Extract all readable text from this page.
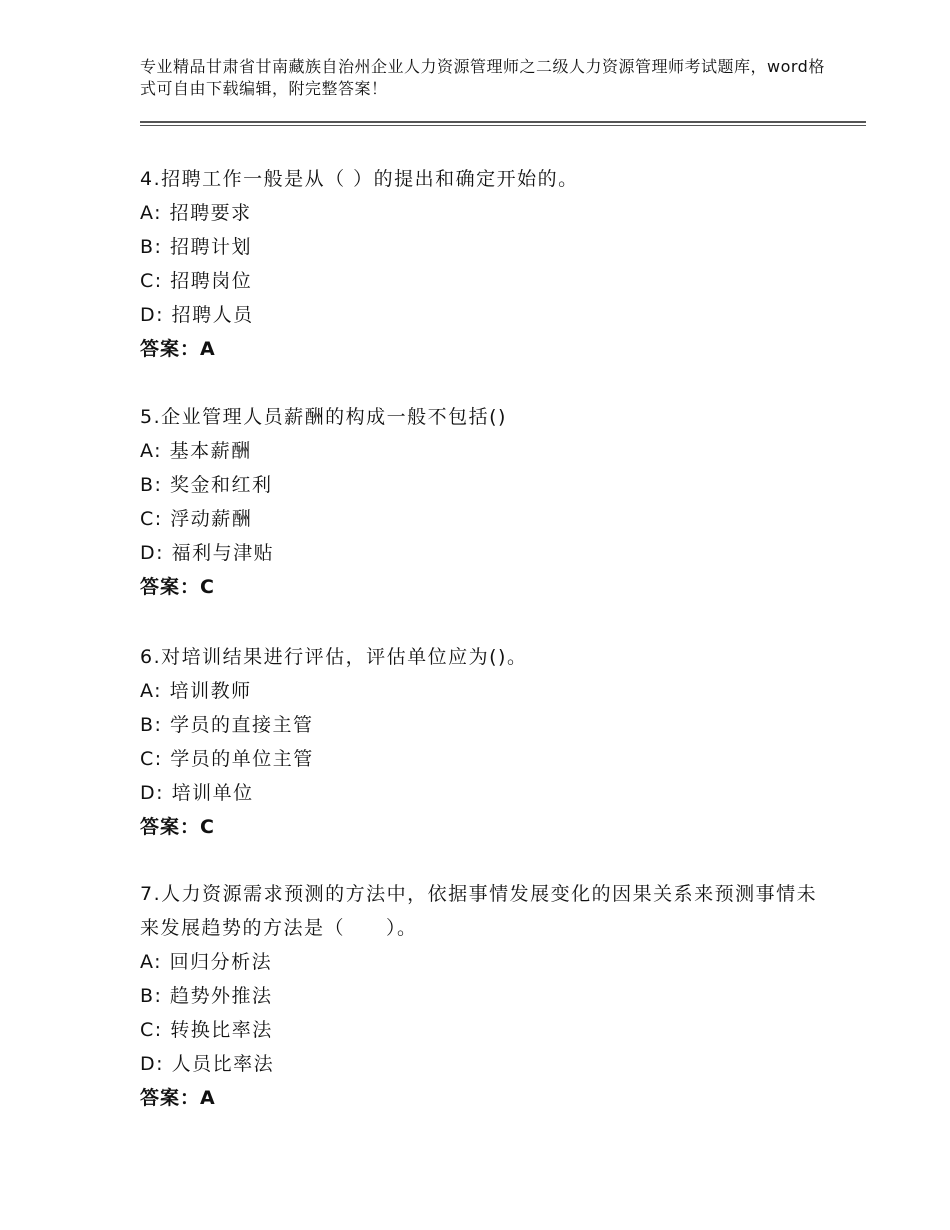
专业精品甘肃省甘南藏族自治州企业人力资源管理师之二级人力资源管理师考试题库，word格式可自由下载编辑，附完整答案！

4.招聘工作一般是从（ ）的提出和确定开始的。

A: 招聘要求

B: 招聘计划

C: 招聘岗位

D: 招聘人员

答案：A

5.企业管理人员薪酬的构成一般不包括()

A: 基本薪酬

B: 奖金和红利

C: 浮动薪酬

D: 福利与津贴

答案：C

6.对培训结果进行评估，评估单位应为()。

A: 培训教师

B: 学员的直接主管

C: 学员的单位主管

D: 培训单位

答案：C

7.人力资源需求预测的方法中，依据事情发展变化的因果关系来预测事情未来发展趋势的方法是（　　）。

A: 回归分析法

B: 趋势外推法

C: 转换比率法

D: 人员比率法

答案：A
